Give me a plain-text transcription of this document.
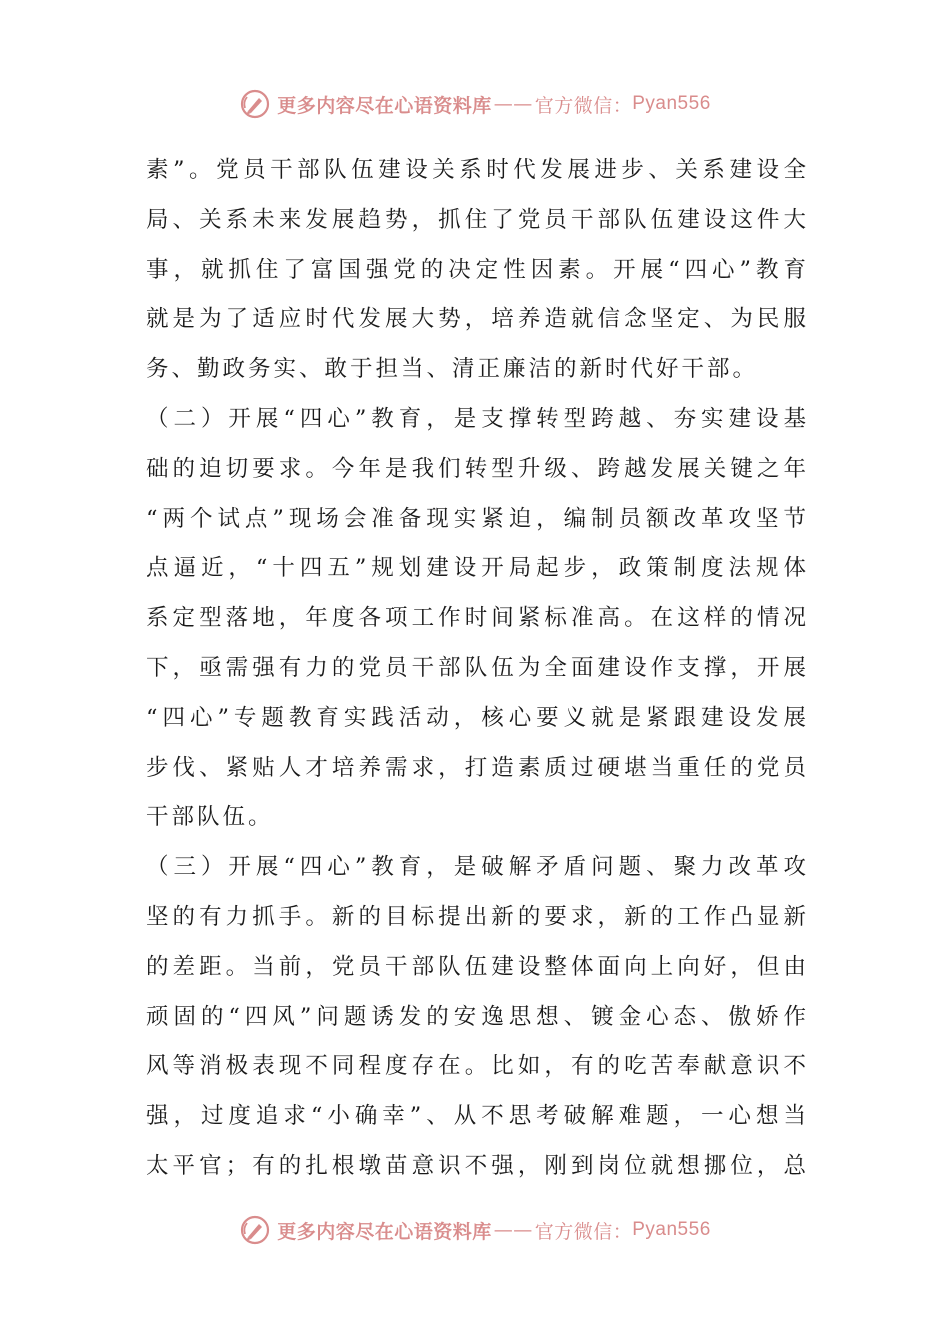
更多内容尽在心语资料库 —— 官方微信： Pyan556
素”。党员干部队伍建设关系时代发展进步、关系建设全
局、关系未来发展趋势，抓住了党员干部队伍建设这件大
事，就抓住了富国强党的决定性因素。开展“四心”教育
就是为了适应时代发展大势，培养造就信念坚定、为民服
务、勤政务实、敢于担当、清正廉洁的新时代好干部。
（二）开展“四心”教育，是支撑转型跨越、夯实建设基
础的迫切要求。今年是我们转型升级、跨越发展关键之年
“两个试点”现场会准备现实紧迫，编制员额改革攻坚节
点逼近，“十四五”规划建设开局起步，政策制度法规体
系定型落地，年度各项工作时间紧标准高。在这样的情况
下，亟需强有力的党员干部队伍为全面建设作支撑，开展
“四心”专题教育实践活动，核心要义就是紧跟建设发展
步伐、紧贴人才培养需求，打造素质过硬堪当重任的党员
干部队伍。
（三）开展“四心”教育，是破解矛盾问题、聚力改革攻
坚的有力抓手。新的目标提出新的要求，新的工作凸显新
的差距。当前，党员干部队伍建设整体面向上向好，但由
顽固的“四风”问题诱发的安逸思想、镀金心态、傲娇作
风等消极表现不同程度存在。比如，有的吃苦奉献意识不
强，过度追求“小确幸”、从不思考破解难题，一心想当
太平官；有的扎根墩苗意识不强，刚到岗位就想挪位，总
更多内容尽在心语资料库 —— 官方微信： Pyan556
